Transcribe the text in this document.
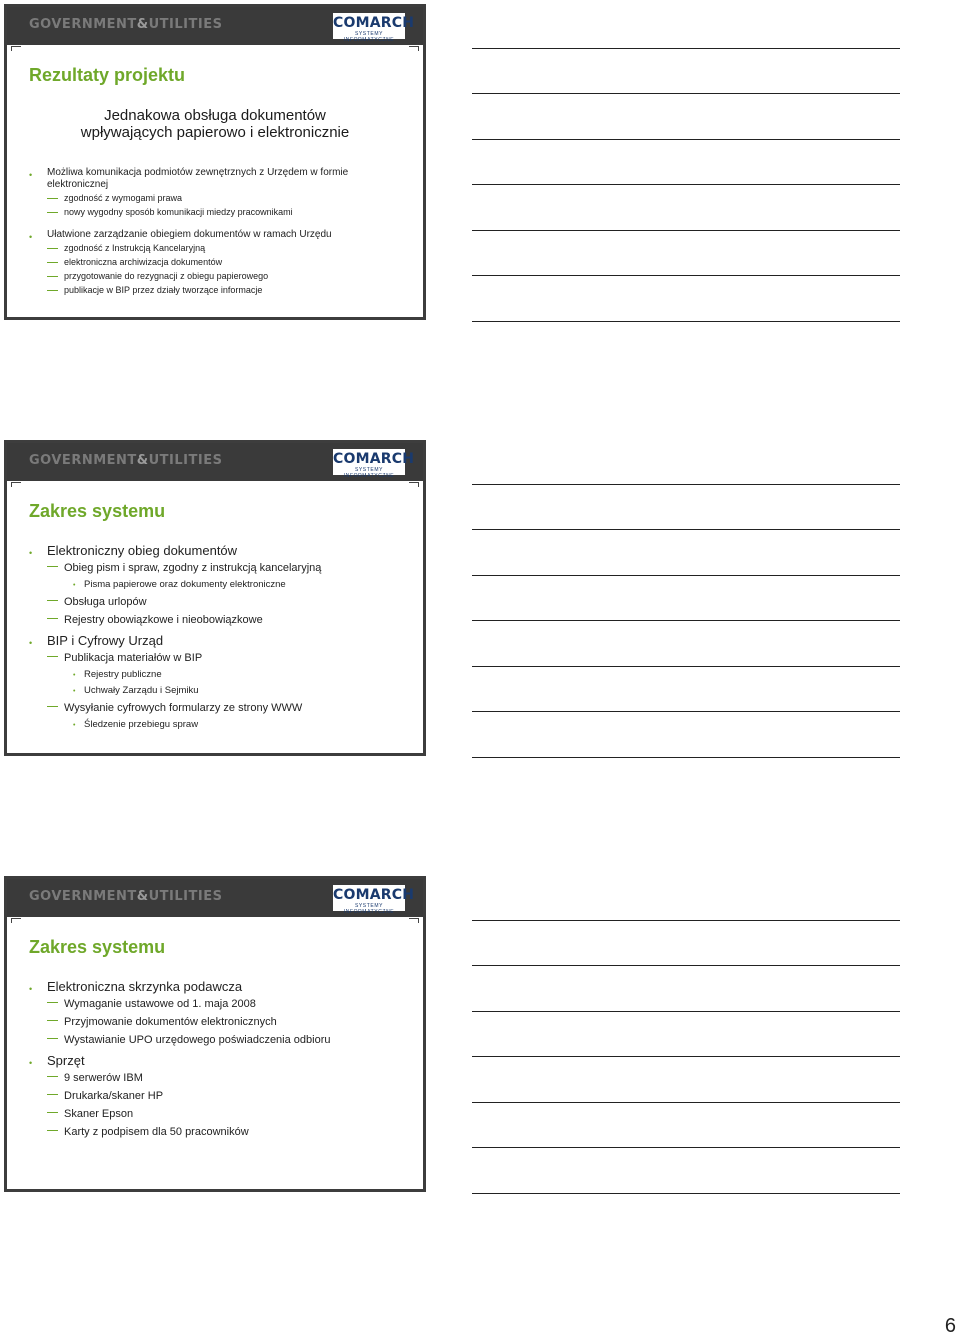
GOVERNMENT&UTILITIES	COMARCH
SYSTEMY INFORMATYCZNE
Rezultaty projektu
Jednakowa obsługa dokumentów
wpływających papierowo i elektronicznie
• Możliwa komunikacja podmiotów zewnętrznych z Urzędem w formie elektronicznej
zgodność z wymogami prawa
nowy wygodny sposób komunikacji miedzy pracownikami
• Ułatwione zarządzanie obiegiem dokumentów w ramach Urzędu
zgodność z Instrukcją Kancelaryjną
elektroniczna archiwizacja dokumentów
przygotowanie do rezygnacji z obiegu papierowego
publikacje w BIP przez działy tworzące informacje
GOVERNMENT&UTILITIES	COMARCH
SYSTEMY INFORMATYCZNE
Zakres systemu
• Elektroniczny obieg dokumentów
Obieg pism i spraw, zgodny z instrukcją kancelaryjną
• Pisma papierowe oraz dokumenty elektroniczne
Obsługa urlopów
Rejestry obowiązkowe i nieobowiązkowe
• BIP i Cyfrowy Urząd
Publikacja materiałów w BIP
• Rejestry publiczne
• Uchwały Zarządu i Sejmiku
Wysyłanie cyfrowych formularzy ze strony WWW
• Śledzenie przebiegu spraw
GOVERNMENT&UTILITIES	COMARCH
SYSTEMY INFORMATYCZNE
Zakres systemu
• Elektroniczna skrzynka podawcza
Wymaganie ustawowe od 1. maja 2008
Przyjmowanie dokumentów elektronicznych
Wystawianie UPO urzędowego poświadczenia odbioru
• Sprzęt
9 serwerów IBM
Drukarka/skaner HP
Skaner Epson
Karty z podpisem dla 50 pracowników
6
